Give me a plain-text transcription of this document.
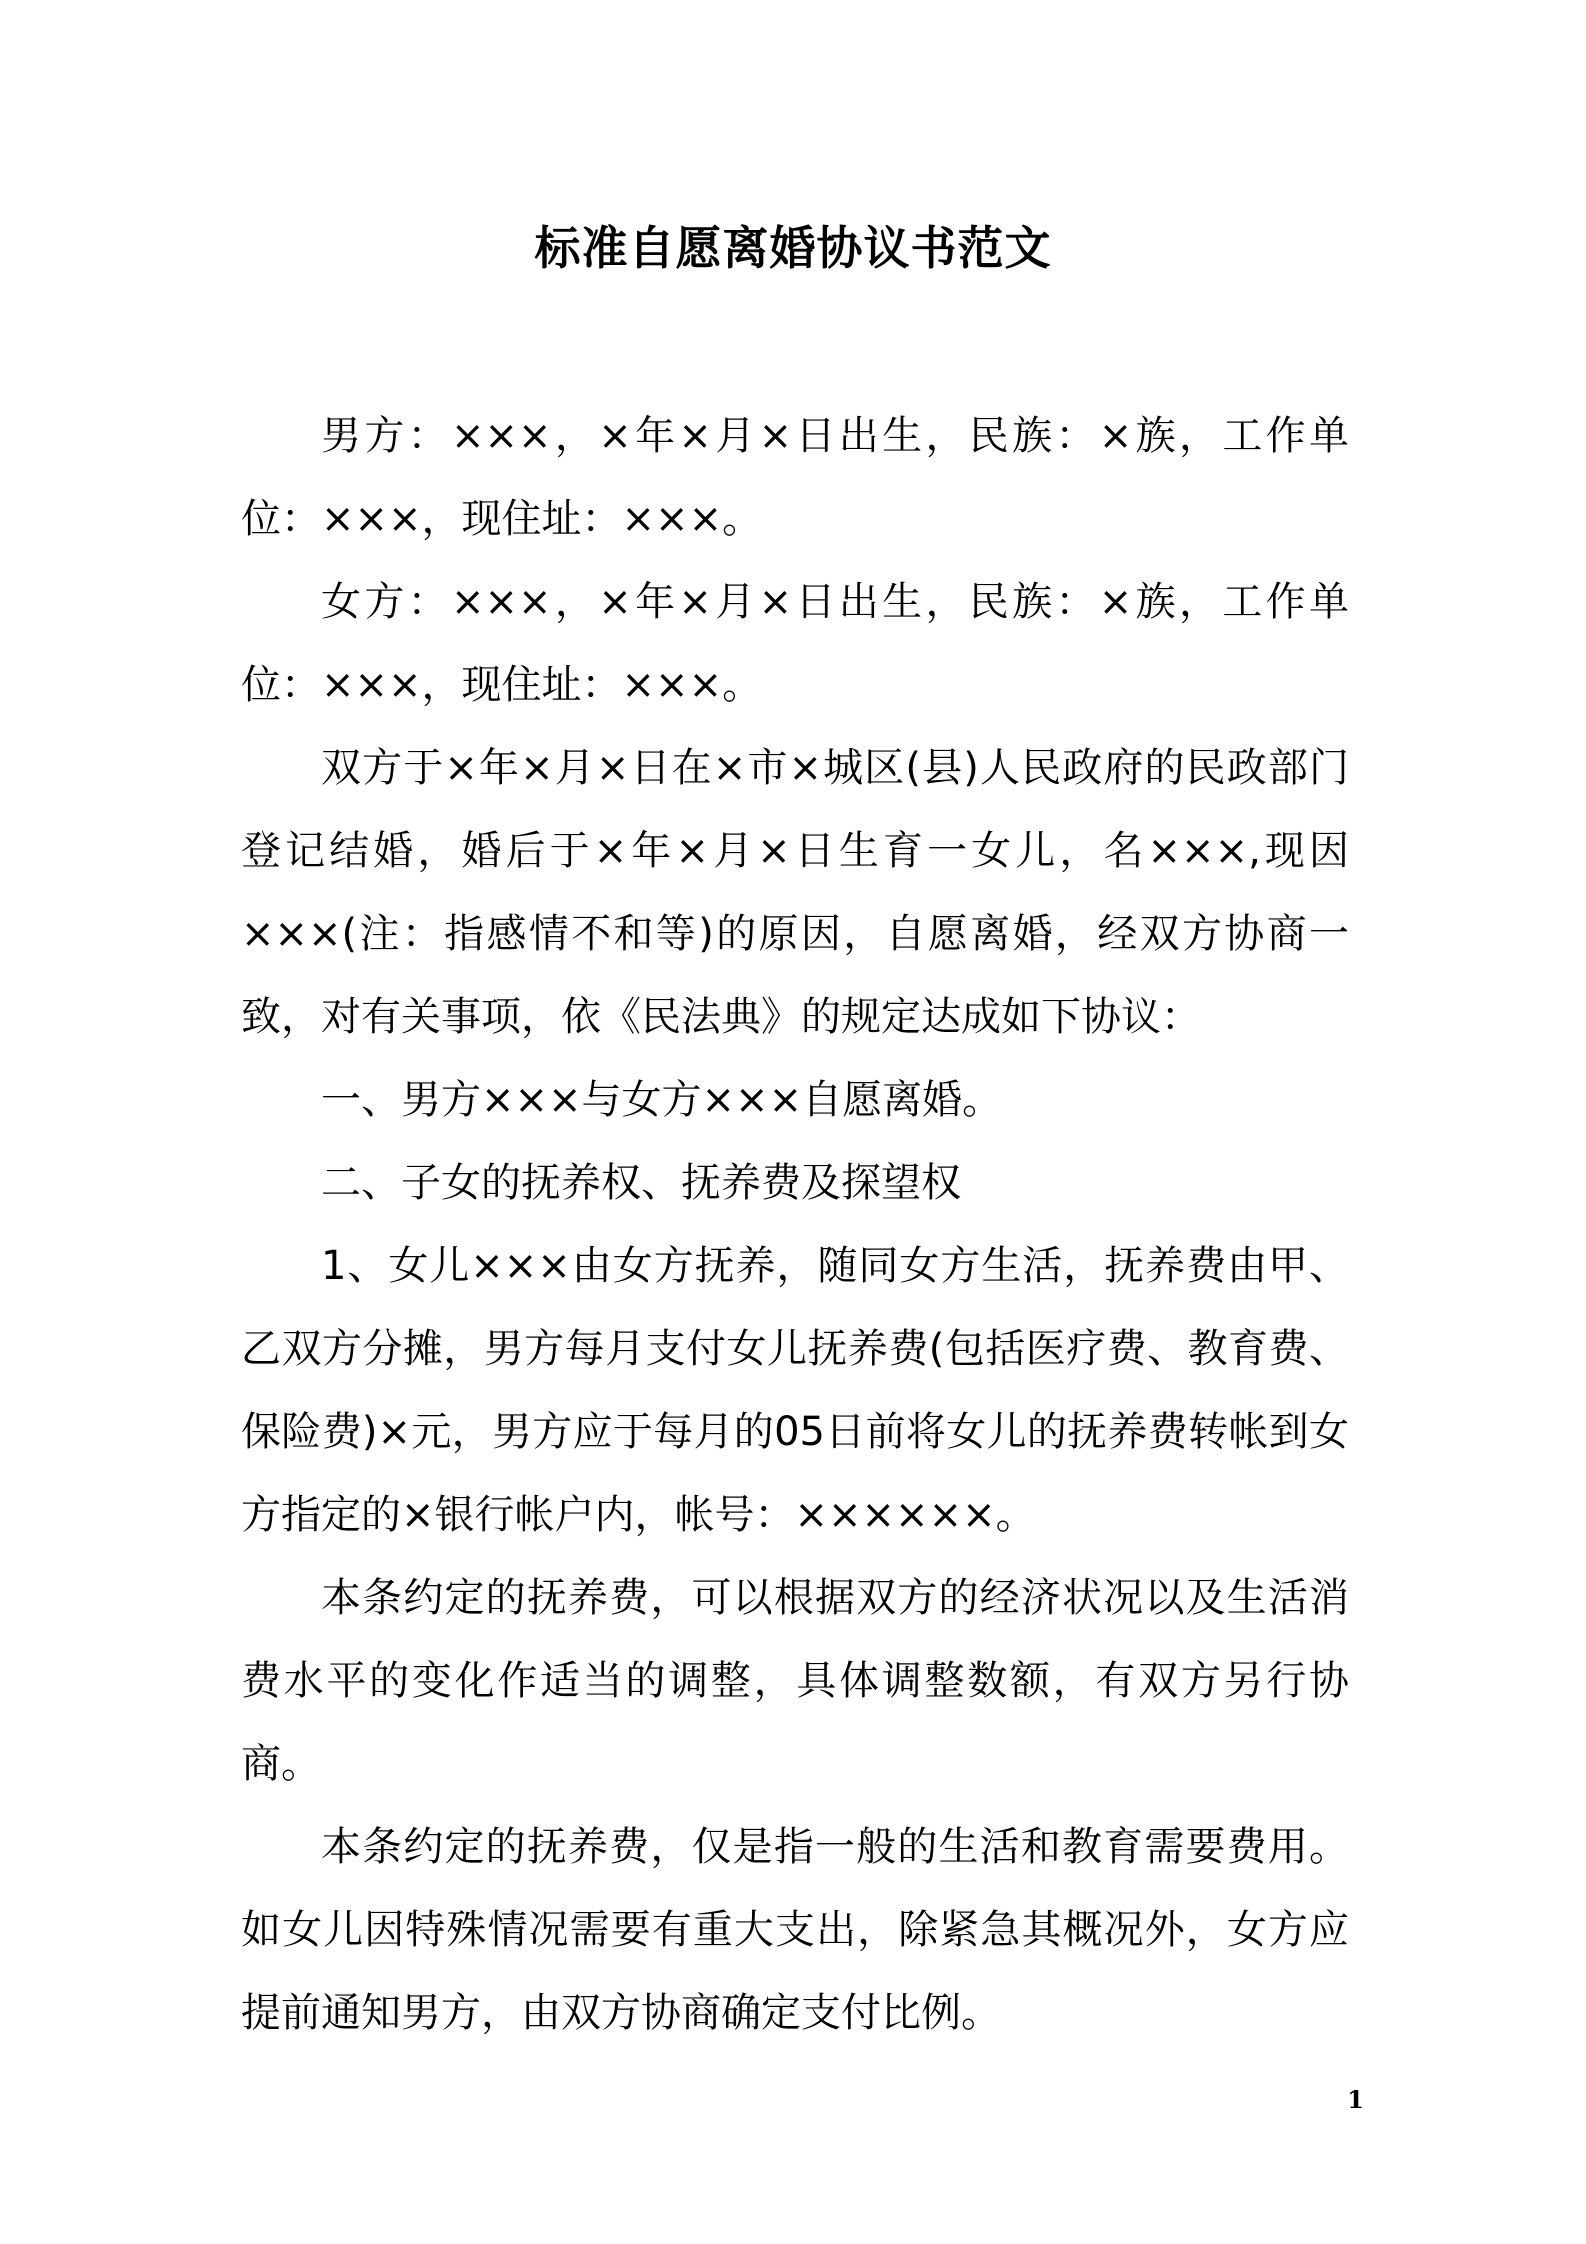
标准自愿离婚协议书范文

男方：×××，×年×月×日出生，民族：×族，工作单位：×××，现住址：×××。

女方：×××，×年×月×日出生，民族：×族，工作单位：×××，现住址：×××。

双方于×年×月×日在×市×城区(县)人民政府的民政部门登记结婚，婚后于×年×月×日生育一女儿，名×××,现因×××(注：指感情不和等)的原因，自愿离婚，经双方协商一致，对有关事项，依《民法典》的规定达成如下协议：

一、男方×××与女方×××自愿离婚。

二、子女的抚养权、抚养费及探望权

1、女儿×××由女方抚养，随同女方生活，抚养费由甲、乙双方分摊，男方每月支付女儿抚养费(包括医疗费、教育费、保险费)×元，男方应于每月的05日前将女儿的抚养费转帐到女方指定的×银行帐户内，帐号：××××××。

本条约定的抚养费，可以根据双方的经济状况以及生活消费水平的变化作适当的调整，具体调整数额，有双方另行协商。

本条约定的抚养费，仅是指一般的生活和教育需要费用。如女儿因特殊情况需要有重大支出，除紧急其概况外，女方应提前通知男方，由双方协商确定支付比例。

1
